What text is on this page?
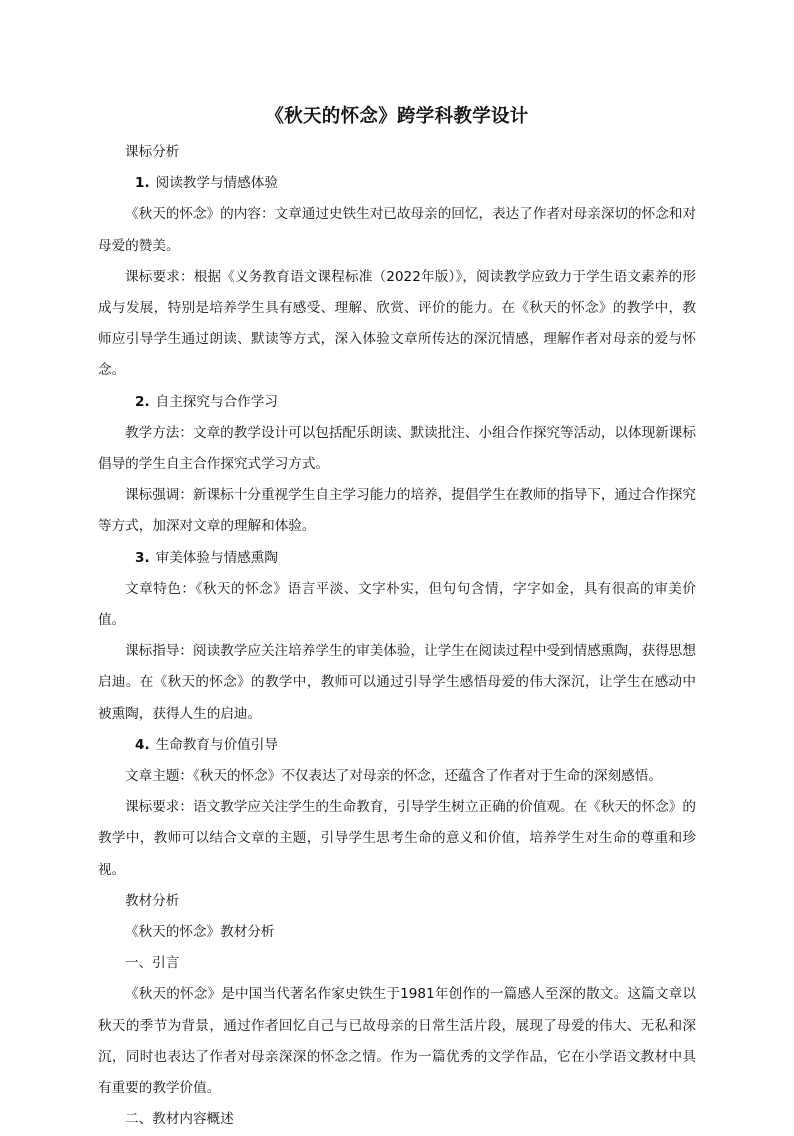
《秋天的怀念》跨学科教学设计

课标分析

1. 阅读教学与情感体验

《秋天的怀念》的内容：文章通过史铁生对已故母亲的回忆，表达了作者对母亲深切的怀念和对母爱的赞美。

课标要求：根据《义务教育语文课程标准（2022年版）》，阅读教学应致力于学生语文素养的形成与发展，特别是培养学生具有感受、理解、欣赏、评价的能力。在《秋天的怀念》的教学中，教师应引导学生通过朗读、默读等方式，深入体验文章所传达的深沉情感，理解作者对母亲的爱与怀念。

2. 自主探究与合作学习

教学方法：文章的教学设计可以包括配乐朗读、默读批注、小组合作探究等活动，以体现新课标倡导的学生自主合作探究式学习方式。

课标强调：新课标十分重视学生自主学习能力的培养，提倡学生在教师的指导下，通过合作探究等方式，加深对文章的理解和体验。

3. 审美体验与情感熏陶

文章特色：《秋天的怀念》语言平淡、文字朴实，但句句含情，字字如金，具有很高的审美价值。

课标指导：阅读教学应关注培养学生的审美体验，让学生在阅读过程中受到情感熏陶，获得思想启迪。在《秋天的怀念》的教学中，教师可以通过引导学生感悟母爱的伟大深沉，让学生在感动中被熏陶，获得人生的启迪。

4. 生命教育与价值引导

文章主题：《秋天的怀念》不仅表达了对母亲的怀念，还蕴含了作者对于生命的深刻感悟。

课标要求：语文教学应关注学生的生命教育，引导学生树立正确的价值观。在《秋天的怀念》的教学中，教师可以结合文章的主题，引导学生思考生命的意义和价值，培养学生对生命的尊重和珍视。

教材分析

《秋天的怀念》教材分析

一、引言

《秋天的怀念》是中国当代著名作家史铁生于1981年创作的一篇感人至深的散文。这篇文章以秋天的季节为背景，通过作者回忆自己与已故母亲的日常生活片段，展现了母爱的伟大、无私和深沉，同时也表达了作者对母亲深深的怀念之情。作为一篇优秀的文学作品，它在小学语文教材中具有重要的教学价值。

二、教材内容概述
